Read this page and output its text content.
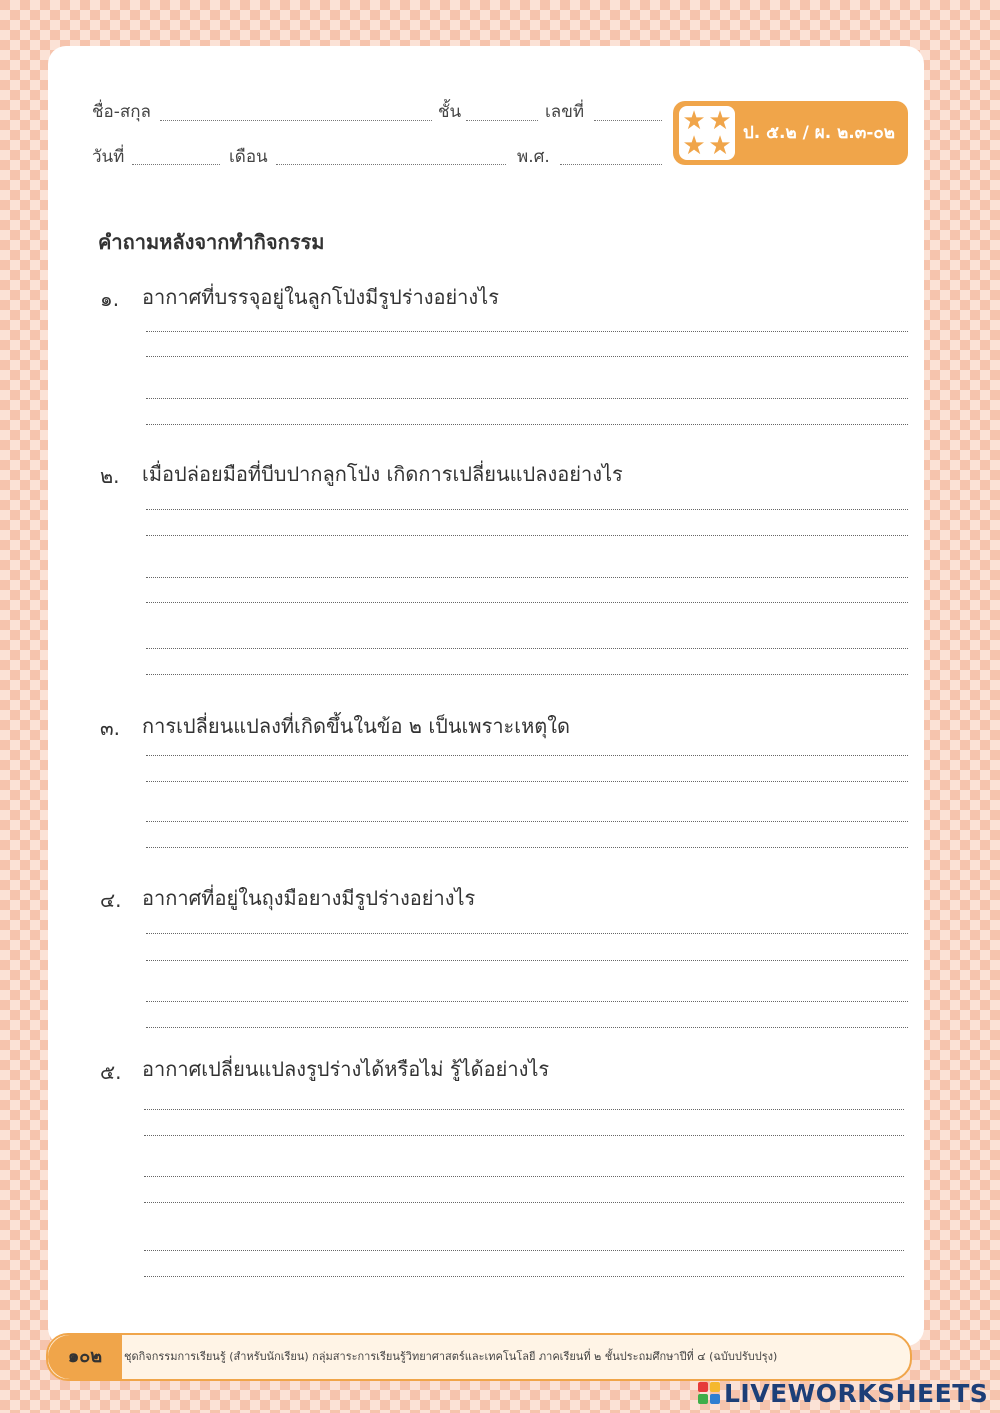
ชื่อ-สกุล	ชั้น	เลขที่
วันที่	เดือน	พ.ศ.
★ ★
★ ★ ป. ๕.๒ / ผ. ๒.๓-๐๒
คำถามหลังจากทำกิจกรรม
๑. อากาศที่บรรจุอยู่ในลูกโป่งมีรูปร่างอย่างไร
๒. เมื่อปล่อยมือที่บีบปากลูกโป่ง เกิดการเปลี่ยนแปลงอย่างไร
๓. การเปลี่ยนแปลงที่เกิดขึ้นในข้อ ๒ เป็นเพราะเหตุใด
๔. อากาศที่อยู่ในถุงมือยางมีรูปร่างอย่างไร
๕. อากาศเปลี่ยนแปลงรูปร่างได้หรือไม่ รู้ได้อย่างไร
๑๐๒	ชุดกิจกรรมการเรียนรู้ (สำหรับนักเรียน) กลุ่มสาระการเรียนรู้วิทยาศาสตร์และเทคโนโลยี ภาคเรียนที่ ๒ ชั้นประถมศึกษาปีที่ ๔ (ฉบับปรับปรุง)
LIVEWORKSHEETS
